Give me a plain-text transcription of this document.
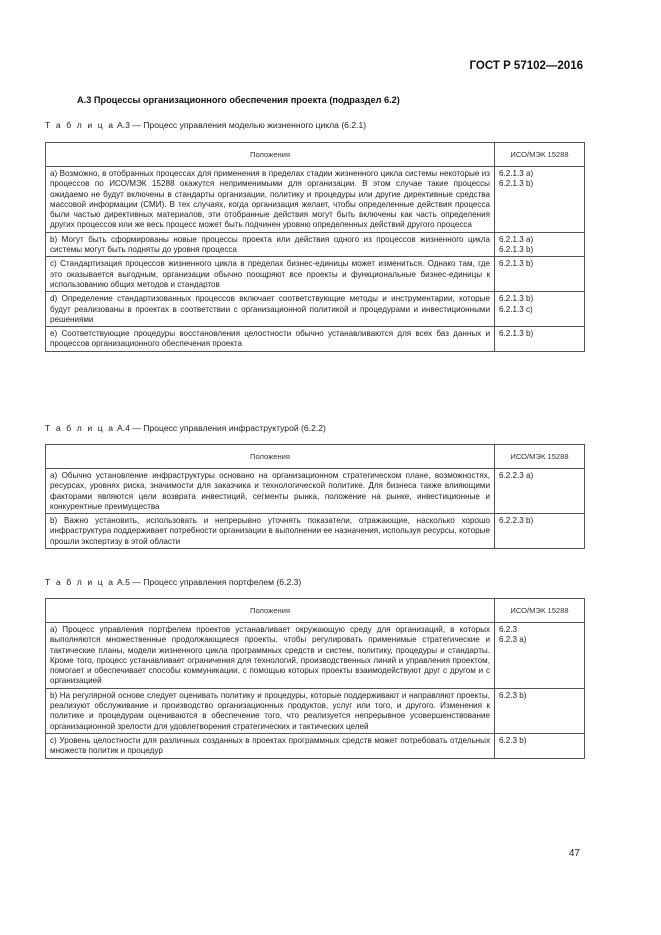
ГОСТ Р 57102—2016
А.3 Процессы организационного обеспечения проекта (подраздел 6.2)
Т а б л и ц а А.3 — Процесс управления моделью жизненного цикла (6.2.1)
Положения	ИСО/МЭК 15288
а) Возможно, в отобранных процессах для применения в пределах стадии жизненного цикла системы некоторые из процессов по ИСО/МЭК 15288 окажутся неприменимыми для организации. В этом случае такие процессы ожидаемо не будут включены в стандарты организации, политику и процедуры или другие директивные средства массовой информации (СМИ). В тех случаях, когда организация желает, чтобы определенные действия процесса были частью директивных материалов, эти отобранные действия могут быть включены как часть определения других процессов или же весь процесс может быть подчинен уровню определенных действий другого процесса	6.2.1.3 а)
6.2.1.3 b)

b) Могут быть сформированы новые процессы проекта или действия одного из процессов жизненного цикла системы могут быть подняты до уровня процесса	6.2.1.3 а)
6.2.1.3 b)

с) Стандартизация процессов жизненного цикла в пределах бизнес-единицы может измениться. Однако там, где это оказывается выгодным, организации обычно поощряют все проекты и функциональные бизнес-единицы к использованию общих методов и стандартов	6.2.1.3 b)

d) Определение стандартизованных процессов включает соответствующие методы и инструментарии, которые будут реализованы в проектах в соответствии с организационной политикой и процедурами и инвестиционными решениями	6.2.1.3 b)
6.2.1.3 с)

е) Соответствующие процедуры восстановления целостности обычно устанавливаются для всех баз данных и процессов организационного обеспечения проекта	6.2.1.3 b)
Т а б л и ц а А.4 — Процесс управления инфраструктурой (6.2.2)
Положения	ИСО/МЭК 15288
а) Обычно установление инфраструктуры основано на организационном стратегическом плане, возможностях, ресурсах, уровнях риска, значимости для заказчика и технологической политике. Для бизнеса также влияющими факторами являются цели возврата инвестиций, сегменты рынка, положение на рынке, инвестиционные и конкурентные преимущества	6.2.2.3 а)

b) Важно установить, использовать и непрерывно уточнять показатели, отражающие, насколько хорошо инфраструктура поддерживает потребности организации в выполнении ее назначения, используя ресурсы, которые прошли экспертизу в этой области	6.2.2.3 b)
Т а б л и ц а А.5 — Процесс управления портфелем (6.2.3)
Положения	ИСО/МЭК 15288
а) Процесс управления портфелем проектов устанавливает окружающую среду для организаций, в которых выполняются множественные продолжающиеся проекты, чтобы регулировать применимые стратегические и тактические планы, модели жизненного цикла программных средств и систем, политику, процедуры и стандарты. Кроме того, процесс устанавливает ограничения для технологий, производственных линий и управления проектом, помогает и обеспечивает способы коммуникации, с помощью которых проекты взаимодействуют друг с другом и с организацией	6.2.3
6.2.3 а)

b) На регулярной основе следует оценивать политику и процедуры, которые поддерживают и направляют проекты, реализуют обслуживание и производство организационных продуктов, услуг или того, и другого. Изменения к политике и процедурам оцениваются в обеспечение того, что реализуется непрерывное усовершенствование организационной зрелости для удовлетворения стратегических и тактических целей	6.2.3 b)

с) Уровень целостности для различных созданных в проектах программных средств может потребовать отдельных множеств политик и процедур	6.2.3 b)
47
